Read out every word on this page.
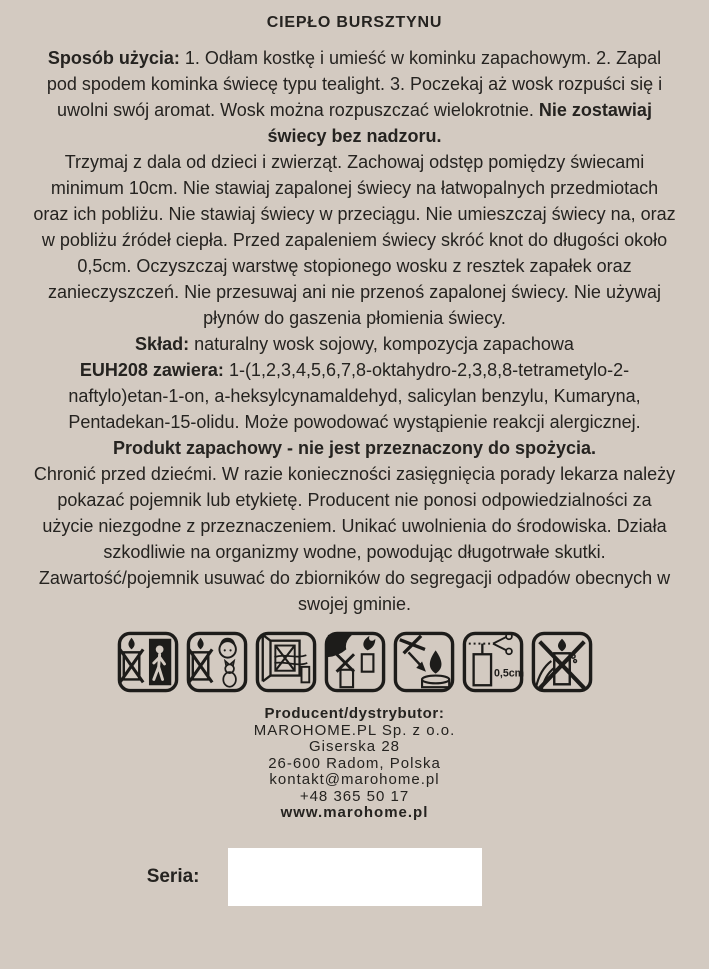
CIEPŁO BURSZTYNU

Sposób użycia: 1. Odłam kostkę i umieść w kominku zapachowym. 2. Zapal pod spodem kominka świecę typu tealight. 3. Poczekaj aż wosk rozpuści się i uwolni swój aromat. Wosk można rozpuszczać wielokrotnie. Nie zostawiaj świecy bez nadzoru.

Trzymaj z dala od dzieci i zwierząt. Zachowaj odstęp pomiędzy świecami minimum 10cm. Nie stawiaj zapalonej świecy na łatwopalnych przedmiotach oraz ich pobliżu. Nie stawiaj świecy w przeciągu. Nie umieszczaj świecy na, oraz w pobliżu źródeł ciepła. Przed zapaleniem świecy skróć knot do długości około 0,5cm. Oczyszczaj warstwę stopionego wosku z resztek zapałek oraz zanieczyszczeń. Nie przesuwaj ani nie przenoś zapalonej świecy. Nie używaj płynów do gaszenia płomienia świecy.

Skład: naturalny wosk sojowy, kompozycja zapachowa

EUH208 zawiera: 1-(1,2,3,4,5,6,7,8-oktahydro-2,3,8,8-tetrametylo-2-naftylo)etan-1-on, a-heksylcynamaldehyd, salicylan benzylu, Kumaryna, Pentadekan-15-olidu. Może powodować wystąpienie reakcji alergicznej.

Produkt zapachowy - nie jest przeznaczony do spożycia.

Chronić przed dziećmi. W razie konieczności zasięgnięcia porady lekarza należy pokazać pojemnik lub etykietę. Producent nie ponosi odpowiedzialności za użycie niezgodne z przeznaczeniem. Unikać uwolnienia do środowiska. Działa szkodliwie na organizmy wodne, powodując długotrwałe skutki. Zawartość/pojemnik usuwać do zbiorników do segregacji odpadów obecnych w swojej gminie.

0,5cm
Producent/dystrybutor:
MAROHOME.PL Sp. z o.o.
Giserska 28
26-600 Radom, Polska
kontakt@marohome.pl
+48 365 50 17
www.marohome.pl
Seria:
